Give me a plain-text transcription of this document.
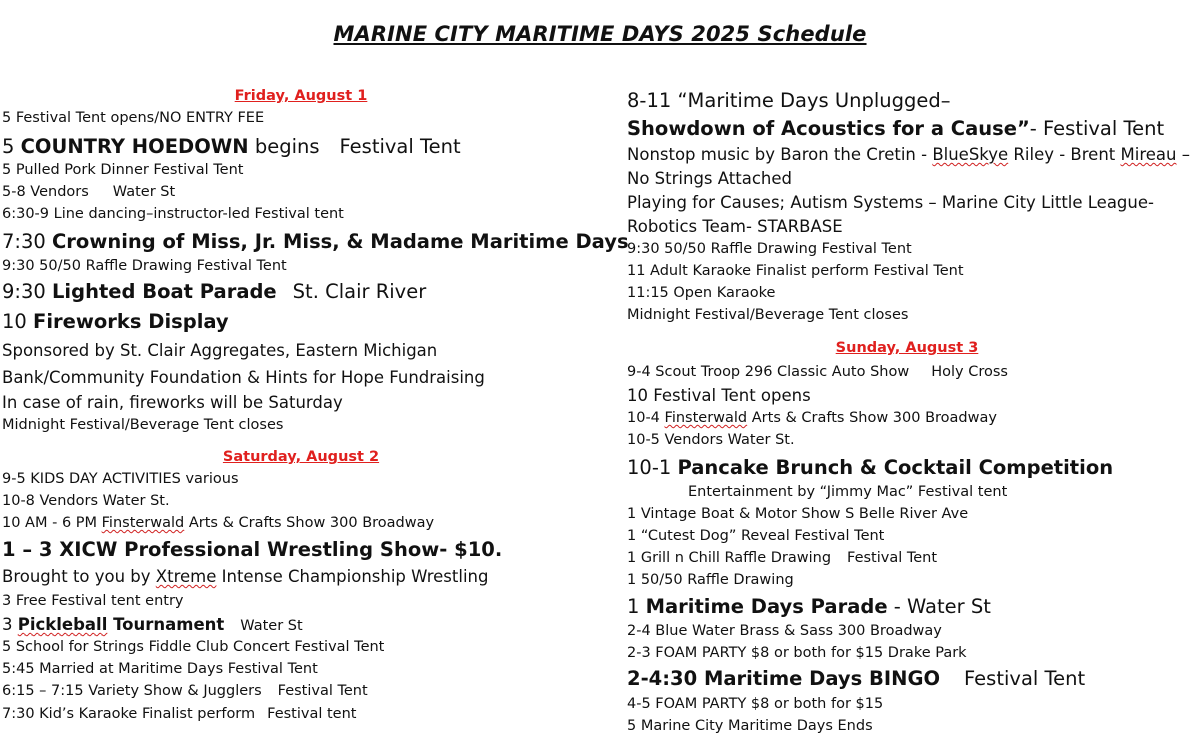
MARINE CITY MARITIME DAYS 2025 Schedule
Friday, August 1
5 Festival Tent opens/NO ENTRY FEE
5 COUNTRY HOEDOWN begins Festival Tent
5 Pulled Pork Dinner Festival Tent
5-8 Vendors Water St
6:30-9 Line dancing–instructor-led Festival tent
7:30 Crowning of Miss, Jr. Miss, & Madame Maritime Days
9:30 50/50 Raffle Drawing Festival Tent
9:30 Lighted Boat Parade St. Clair River
10 Fireworks Display
Sponsored by St. Clair Aggregates, Eastern Michigan
Bank/Community Foundation & Hints for Hope Fundraising
In case of rain, fireworks will be Saturday
Midnight Festival/Beverage Tent closes
Saturday, August 2
9-5 KIDS DAY ACTIVITIES various
10-8 Vendors Water St.
10 AM - 6 PM Finsterwald Arts & Crafts Show 300 Broadway
1 – 3 XICW Professional Wrestling Show- $10.
Brought to you by Xtreme Intense Championship Wrestling
3 Free Festival tent entry
3 Pickleball Tournament Water St
5 School for Strings Fiddle Club Concert Festival Tent
5:45 Married at Maritime Days Festival Tent
6:15 – 7:15 Variety Show & Jugglers Festival Tent
7:30 Kid’s Karaoke Finalist perform Festival tent
8-11 “Maritime Days Unplugged–
Showdown of Acoustics for a Cause”- Festival Tent
Nonstop music by Baron the Cretin - BlueSkye Riley - Brent Mireau –
No Strings Attached
Playing for Causes; Autism Systems – Marine City Little League-
Robotics Team- STARBASE
9:30 50/50 Raffle Drawing Festival Tent
11 Adult Karaoke Finalist perform Festival Tent
11:15 Open Karaoke
Midnight Festival/Beverage Tent closes
Sunday, August 3
9-4 Scout Troop 296 Classic Auto Show Holy Cross
10 Festival Tent opens
10-4 Finsterwald Arts & Crafts Show 300 Broadway
10-5 Vendors Water St.
10-1 Pancake Brunch & Cocktail Competition
Entertainment by “Jimmy Mac” Festival tent
1 Vintage Boat & Motor Show S Belle River Ave
1 “Cutest Dog” Reveal Festival Tent
1 Grill n Chill Raffle Drawing Festival Tent
1 50/50 Raffle Drawing
1 Maritime Days Parade - Water St
2-4 Blue Water Brass & Sass 300 Broadway
2-3 FOAM PARTY $8 or both for $15 Drake Park
2-4:30 Maritime Days BINGO Festival Tent
4-5 FOAM PARTY $8 or both for $15
5 Marine City Maritime Days Ends
